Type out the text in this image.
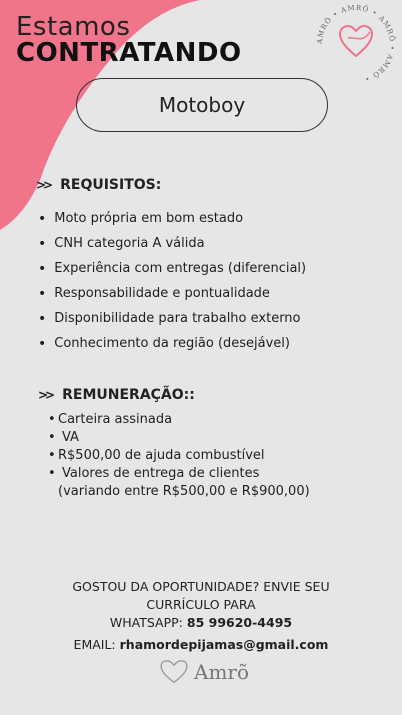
Estamos
CONTRATANDO	AMRÕ • AMRÕ • AMRÕ • AMRÕ •
Motoboy
>> REQUISITOS:
• Moto própria em bom estado
• CNH categoria A válida
• Experiência com entregas (diferencial)
• Responsabilidade e pontualidade
• Disponibilidade para trabalho externo
• Conhecimento da região (desejável)
>> REMUNERAÇÃO::
• Carteira assinada
• VA
• R$500,00 de ajuda combustível
• Valores de entrega de clientes
(variando entre R$500,00 e R$900,00)
GOSTOU DA OPORTUNIDADE? ENVIE SEU
CURRÍCULO PARA
WHATSAPP: 85 99620-4495
EMAIL: rhamordepijamas@gmail.com
Amrõ
